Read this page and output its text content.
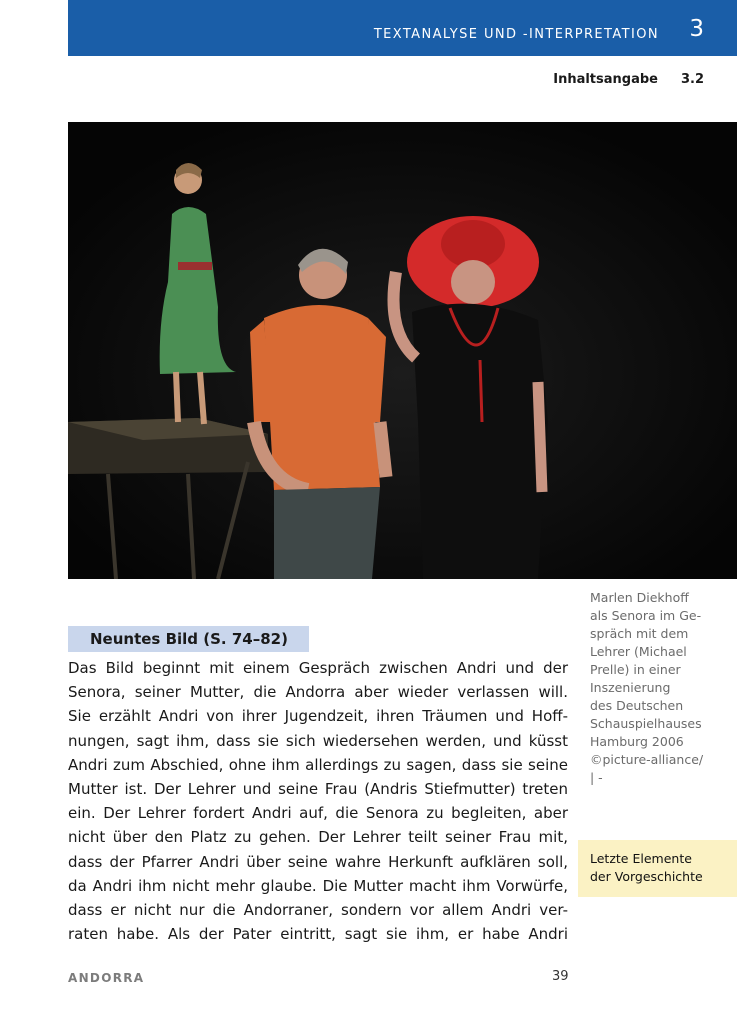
TEXTANALYSE UND -INTERPRETATION 3
Inhaltsangabe 3.2
Marlen Diekhoff
als Senora im Ge-
spräch mit dem
Lehrer (Michael
Prelle) in einer
Inszenierung
des Deutschen
Schauspielhauses
Hamburg 2006
©picture-alliance/
| -
Neuntes Bild (S. 74–82)
Das Bild beginnt mit einem Gespräch zwischen Andri und der
Senora, seiner Mutter, die Andorra aber wieder verlassen will.
Sie erzählt Andri von ihrer Jugendzeit, ihren Träumen und Hoff-
nungen, sagt ihm, dass sie sich wiedersehen werden, und küsst
Andri zum Abschied, ohne ihm allerdings zu sagen, dass sie seine
Mutter ist. Der Lehrer und seine Frau (Andris Stiefmutter) treten
ein. Der Lehrer fordert Andri auf, die Senora zu begleiten, aber
nicht über den Platz zu gehen. Der Lehrer teilt seiner Frau mit,
dass der Pfarrer Andri über seine wahre Herkunft aufklären soll,
da Andri ihm nicht mehr glaube. Die Mutter macht ihm Vorwürfe,
dass er nicht nur die Andorraner, sondern vor allem Andri ver-
raten habe. Als der Pater eintritt, sagt sie ihm, er habe Andri
Letzte Elemente
der Vorgeschichte
ANDORRA	39
